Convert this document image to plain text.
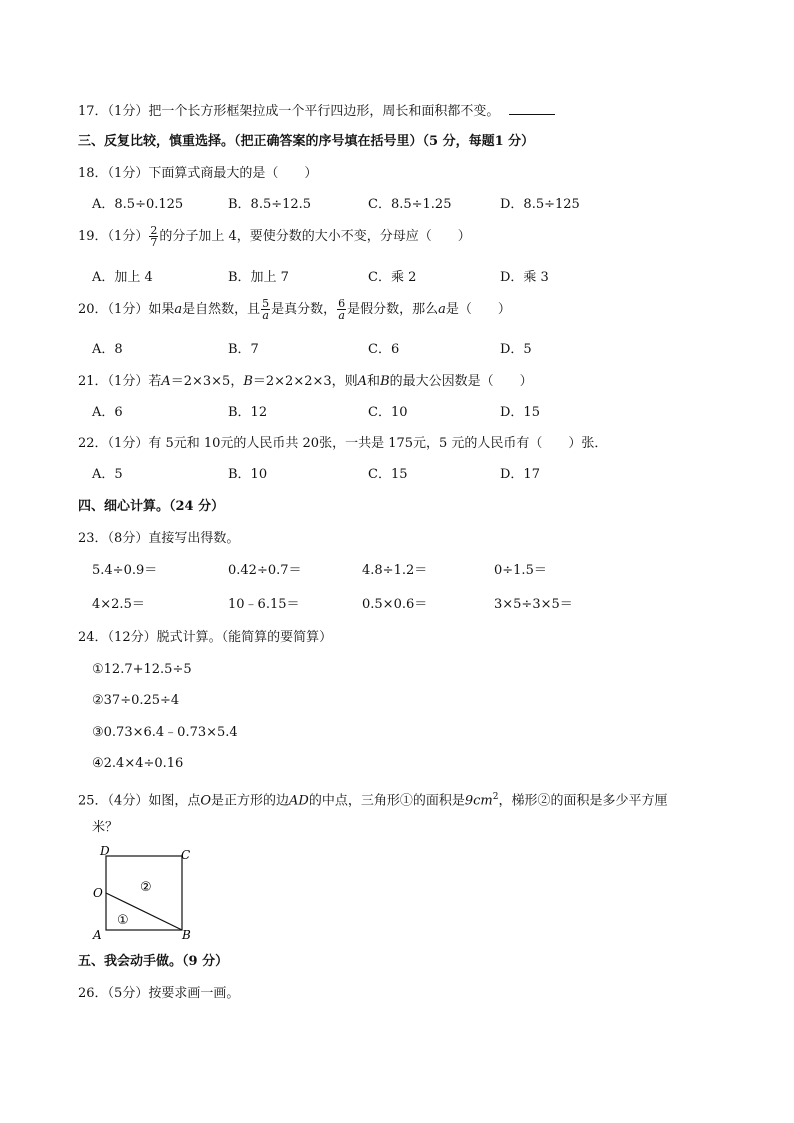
17．（1分）把一个长方形框架拉成一个平行四边形，周长和面积都不变。
三、反复比较，慎重选择。（把正确答案的序号填在括号里）（5 分，每题1 分）
18．（1分）下面算式商最大的是（　　）
A．8.5÷0.125	B．8.5÷12.5	C．8.5÷1.25	D．8.5÷125
19．（1分） $\frac{2}{7}$ 的分子加上 4，要使分数的大小不变，分母应（　　）
A．加上 4	B．加上 7	C．乘 2	D．乘 3
20．（1分）如果a是自然数，且 $\frac{5}{a}$ 是真分数， $\frac{6}{a}$ 是假分数，那么a是（　　）
A．8	B．7	C．6	D．5
21．（1分）若A＝2×3×5，B＝2×2×2×3，则A和B的最大公因数是（　　）
A．6	B．12	C．10	D．15
22．（1分）有 5元和 10元的人民币共 20张，一共是 175元，5 元的人民币有（　　）张．
A．5	B．10	C．15	D．17
四、细心计算。（24 分）
23．（8分）直接写出得数。
5.4÷0.9＝	0.42÷0.7＝	4.8÷1.2＝	0÷1.5＝
4×2.5＝	10﹣6.15＝	0.5×0.6＝	3×5÷3×5＝
24．（12分）脱式计算。（能简算的要简算）
①12.7+12.5÷5
②37÷0.25÷4
③0.73×6.4﹣0.73×5.4
④2.4×4÷0.16
25．（4分）如图，点O是正方形的边AD的中点，三角形①的面积是$9cm^2$，梯形②的面积是多少平方厘
米？
D	C
O
A	B
②
①
五、我会动手做。（9 分）
26．（5分）按要求画一画。
